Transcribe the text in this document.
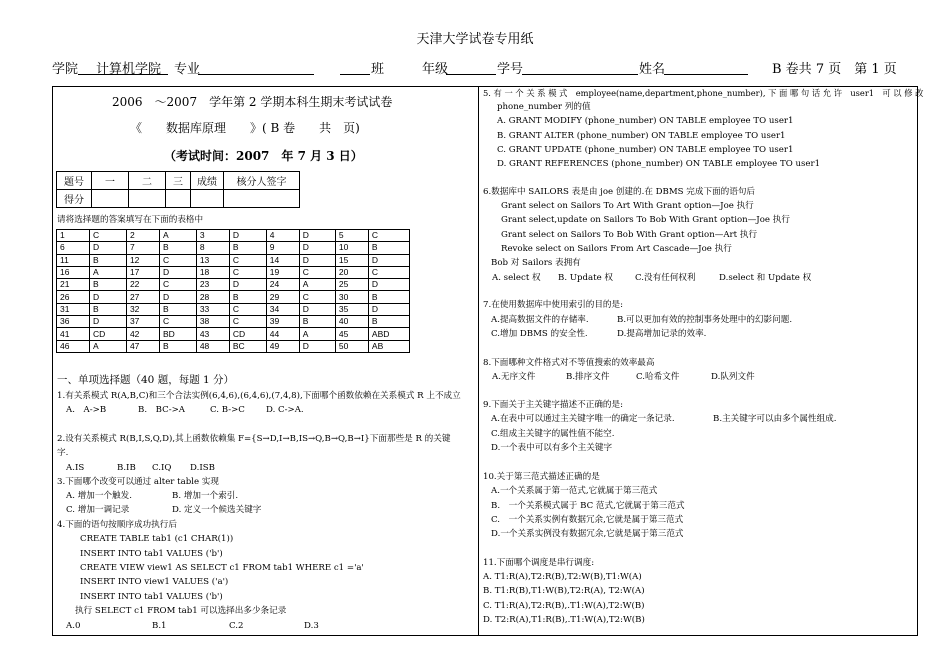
天津大学试卷专用纸
学院 计算机学院 专业	班	年级	学号	姓名	B 卷共 7 页　第 1 页
2006　～2007　学年第 2 学期本科生期末考试试卷
《　　数据库原理　　》( B 卷　　共　页)
（考试时间：2007　年 7 月 3 日）
题号	一	二	三	成绩	核分人签字
得分					
请将选择题的答案填写在下面的表格中
1	C	2	A	3	D	4	D	5	C
6	D	7	B	8	B	9	D	10	B
11	B	12	C	13	C	14	D	15	D
16	A	17	D	18	C	19	C	20	C
21	B	22	C	23	D	24	A	25	D
26	D	27	D	28	B	29	C	30	B
31	B	32	B	33	C	34	D	35	D
36	D	37	C	38	C	39	B	40	B
41	CD	42	BD	43	CD	44	A	45	ABD
46	A	47	B	48	BC	49	D	50	AB
一、单项选择题（40 题，每题 1 分）
1.有关系模式 R(A,B,C)和三个合法实例(6,4,6),(6,4,6),(7,4,8),下面哪个函数依赖在关系模式 R 上不成立
A.　A->B	B.　BC->A	C. B->C D. C->A.
2.设有关系模式 R(B,I,S,Q,D),其上函数依赖集 F={S→D,I→B,IS→Q,B→Q,B→I}下面那些是 R 的关键
字.
A.IS	B.IB C.IQ D.ISB
3.下面哪个改变可以通过 alter table 实现
A. 增加一个触发.	B. 增加一个索引.
C. 增加一调记录	D. 定义一个候选关键字
4.下面的语句按顺序成功执行后
CREATE TABLE tab1 (c1 CHAR(1))
INSERT INTO tab1 VALUES ('b')
CREATE VIEW view1 AS SELECT c1 FROM tab1 WHERE c1 ='a'
INSERT INTO view1 VALUES ('a')
INSERT INTO tab1 VALUES ('b')
执行 SELECT c1 FROM tab1 可以选择出多少条记录
A.0	B.1	C.2	D.3
5. 有 一 个 关 系 模 式　employee(name,department,phone_number), 下 面 哪 句 话 允 许　user1　可 以 修 改
phone_number 列的值
A. GRANT MODIFY (phone_number) ON TABLE employee TO user1
B. GRANT ALTER (phone_number) ON TABLE employee TO user1
C. GRANT UPDATE (phone_number) ON TABLE employee TO user1
D. GRANT REFERENCES (phone_number) ON TABLE employee TO user1
6.数据库中 SAILORS 表是由 joe 创建的.在 DBMS 完成下面的语句后
Grant select on Sailors To Art With Grant option—Joe 执行
Grant select,update on Sailors To Bob With Grant option—Joe 执行
Grant select on Sailors To Bob With Grant option—Art 执行
Revoke select on Sailors From Art Cascade—Joe 执行
Bob 对 Sailors 表拥有
A. select 权 B. Update 权	C.没有任何权利	D.select 和 Update 权
7.在使用数据库中使用索引的目的是:
A.提高数据文件的存储率.	B.可以更加有效的控制事务处理中的幻影问题.
C.增加 DBMS 的安全性.	D.提高增加记录的效率.
8.下面哪种文件格式对不等值搜索的效率最高
A.无序文件	B.排序文件	C.哈希文件	D.队列文件
9.下面关于主关键字描述不正确的是:
A.在表中可以通过主关键字唯一的确定一条记录.	B.主关键字可以由多个属性组成.
C.组成主关键字的属性值不能空.
D.一个表中可以有多个主关键字
10.关于第三范式描述正确的是
A.一个关系属于第一范式,它就属于第三范式
B.　一个关系模式属于 BC 范式,它就属于第三范式
C.　一个关系实例有数据冗余,它就是属于第三范式
D.一个关系实例没有数据冗余,它就是属于第三范式
11.下面哪个调度是串行调度:
A. T1:R(A),T2:R(B),T2:W(B),T1:W(A)
B. T1:R(B),T1:W(B),T2:R(A), T2:W(A)
C. T1:R(A),T2:R(B),.T1:W(A),T2:W(B)
D. T2:R(A),T1:R(B),.T1:W(A),T2:W(B)
